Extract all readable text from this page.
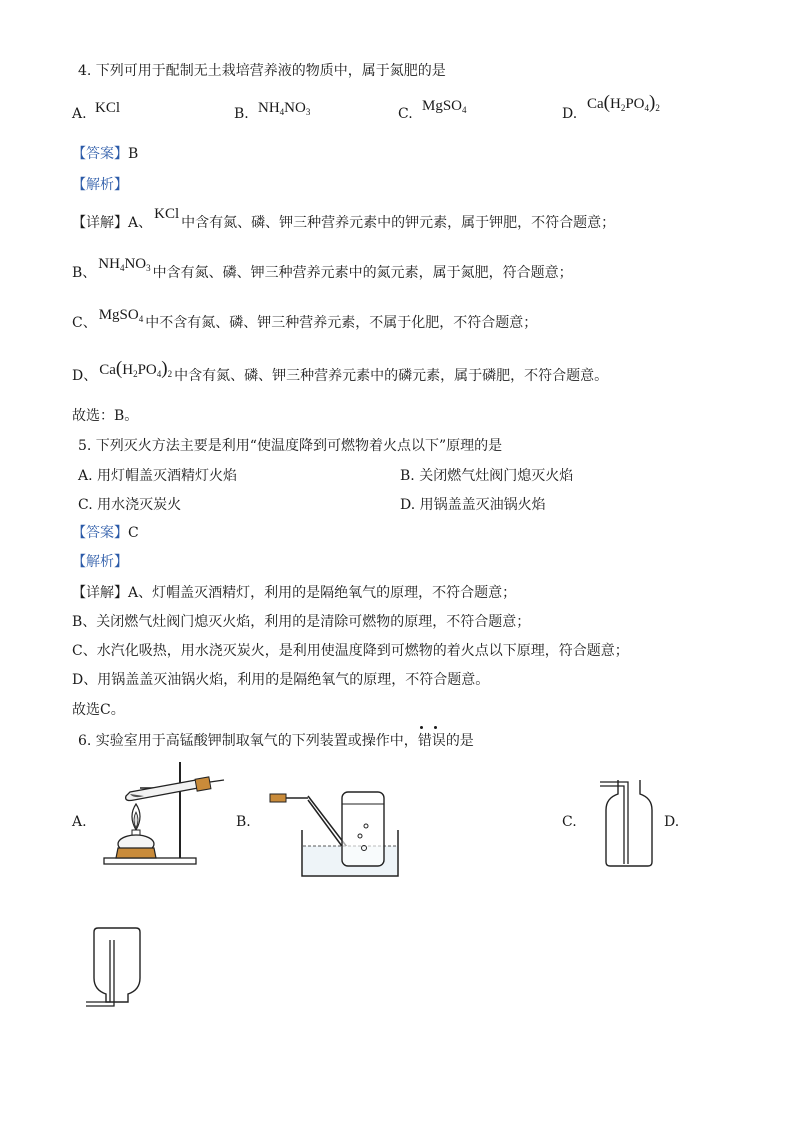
4. 下列可用于配制无土栽培营养液的物质中，属于氮肥的是
A. KCl	B. $NH_4NO_3$	C. MgSO$_4$	D.
$Ca(H_2PO_4)_2$
【答案】B
【解析】
【详解】A、KCl中含有氮、磷、钾三种营养元素中的钾元素，属于钾肥，不符合题意；
B、$NH_4NO_3$ 中含有氮、磷、钾三种营养元素中的氮元素，属于氮肥，符合题意；
C、 MgSO$_4$ 中不含有氮、磷、钾三种营养元素，不属于化肥，不符合题意；
D、 $Ca(H_2PO_4)_2$ 中含有氮、磷、钾三种营养元素中的磷元素，属于磷肥，不符合题意。
故选：B。
5. 下列灭火方法主要是利用“使温度降到可燃物着火点以下”原理的是
A. 用灯帽盖灭酒精灯火焰	B. 关闭燃气灶阀门熄灭火焰
C. 用水浇灭炭火	D. 用锅盖盖灭油锅火焰
【答案】C
【解析】
【详解】A、灯帽盖灭酒精灯，利用的是隔绝氧气的原理，不符合题意；
B、关闭燃气灶阀门熄灭火焰，利用的是清除可燃物的原理，不符合题意；
C、水汽化吸热，用水浇灭炭火，是利用使温度降到可燃物的着火点以下原理，符合题意；
D、用锅盖盖灭油锅火焰，利用的是隔绝氧气的原理，不符合题意。
故选C。
6. 实验室用于高锰酸钾制取氧气的下列装置或操作中，错误的是
A.	B.	C.	D.
